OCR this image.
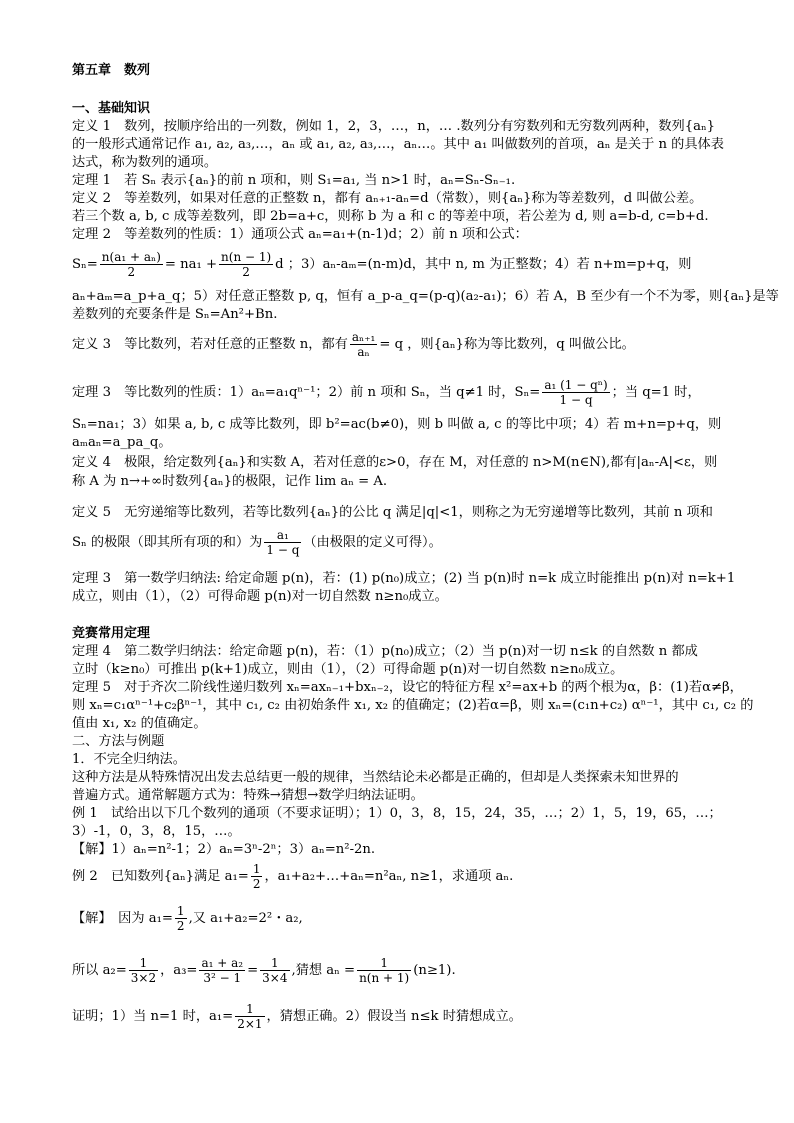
第五章　数列
一、基础知识
定义 1　数列，按顺序给出的一列数，例如 1，2，3，…，n，… .数列分有穷数列和无穷数列两种，数列{aₙ}
的一般形式通常记作 a₁, a₂, a₃,…，aₙ 或 a₁, a₂, a₃,…，aₙ…。其中 a₁ 叫做数列的首项，aₙ 是关于 n 的具体表
达式，称为数列的通项。
定理 1　若 Sₙ 表示{aₙ}的前 n 项和，则 S₁=a₁, 当 n>1 时，aₙ=Sₙ-Sₙ₋₁.
定义 2　等差数列，如果对任意的正整数 n，都有 aₙ₊₁-aₙ=d（常数），则{aₙ}称为等差数列，d 叫做公差。
若三个数 a, b, c 成等差数列，即 2b=a+c，则称 b 为 a 和 c 的等差中项，若公差为 d, 则 a=b-d, c=b+d.
定理 2　等差数列的性质：1）通项公式 aₙ=a₁+(n-1)d；2）前 n 项和公式：
$S_n= \frac{\text{n(a₁ + aₙ)}}{2} = na_1 + \frac{n(n - 1)}{2}$ d ；3）aₙ-aₘ=(n-m)d，其中 n, m 为正整数；4）若 n+m=p+q，则
aₙ+aₘ=a_p+a_q；5）对任意正整数 p, q，恒有 a_p-a_q=(p-q)(a₂-a₁)；6）若 A，B 至少有一个不为零，则{aₙ}是等
差数列的充要条件是 Sₙ=An²+Bn.
定义 3　等比数列，若对任意的正整数 n，都有 $\frac{\text{aₙ₊₁}}{\text{aₙ}} = q$ ，则{aₙ}称为等比数列，q 叫做公比。
定理 3　等比数列的性质：1）aₙ=a₁qⁿ⁻¹；2）前 n 项和 Sₙ，当 q≠1 时，$S_n= \frac{\text{a₁ (1 − qⁿ)}}{1 - q}$ ；当 q=1 时，
Sₙ=na₁；3）如果 a, b, c 成等比数列，即 b²=ac(b≠0)，则 b 叫做 a, c 的等比中项；4）若 m+n=p+q，则
aₘaₙ=a_pa_q。
定义 4　极限，给定数列{aₙ}和实数 A，若对任意的ε>0，存在 M，对任意的 n>M(n∈N),都有|aₙ-A|<ε，则
称 A 为 n→+∞时数列{aₙ}的极限，记作 lim aₙ = A.
定义 5　无穷递缩等比数列，若等比数列{aₙ}的公比 q 满足|q|<1，则称之为无穷递增等比数列，其前 n 项和
Sₙ 的极限（即其所有项的和）为 $\frac{\text{a₁}}{1 - q}$ （由极限的定义可得）。
定理 3　第一数学归纳法: 给定命题 p(n)，若：(1) p(n₀)成立；(2) 当 p(n)时 n=k 成立时能推出 p(n)对 n=k+1
成立，则由（1），（2）可得命题 p(n)对一切自然数 n≥n₀成立。
竞赛常用定理
定理 4　第二数学归纳法：给定命题 p(n)，若：（1）p(n₀)成立；（2）当 p(n)对一切 n≤k 的自然数 n 都成
立时（k≥n₀）可推出 p(k+1)成立，则由（1），（2）可得命题 p(n)对一切自然数 n≥n₀成立。
定理 5　对于齐次二阶线性递归数列 xₙ=axₙ₋₁+bxₙ₋₂，设它的特征方程 x²=ax+b 的两个根为α，β：(1)若α≠β，
则 xₙ=c₁αⁿ⁻¹+c₂βⁿ⁻¹，其中 c₁, c₂ 由初始条件 x₁, x₂ 的值确定；(2)若α=β，则 xₙ=(c₁n+c₂) αⁿ⁻¹，其中 c₁, c₂ 的
值由 x₁, x₂ 的值确定。
二、方法与例题
1．不完全归纳法。
这种方法是从特殊情况出发去总结更一般的规律，当然结论未必都是正确的，但却是人类探索未知世界的
普遍方式。通常解题方式为：特殊→猜想→数学归纳法证明。
例 1　试给出以下几个数列的通项（不要求证明）；1）0，3，8，15，24，35，…；2）1，5，19，65，…；
3）-1，0，3，8，15，…。
【解】1）aₙ=n²-1；2）aₙ=3ⁿ-2ⁿ；3）aₙ=n²-2n.
例 2　已知数列{aₙ}满足 $a_1= \frac{1}{2}$ ，a₁+a₂+…+aₙ=n²aₙ, n≥1，求通项 aₙ.
【解】　因为 $a_1= \frac{1}{2}$ ,又 a₁+a₂=2²・a₂,
所以 $a_2= \frac{1}{3\times 2}$ ，$a_3= \frac{\text{a₁ + a₂}}{\text{3² − 1}} = \frac{1}{3\times 4}$ ,猜想 $a_n = \frac{1}{n(n + 1)} (n\ge 1)$.
证明；1）当 n=1 时，$a_1= \frac{1}{2\times 1}$ ，猜想正确。2）假设当 n≤k 时猜想成立。
